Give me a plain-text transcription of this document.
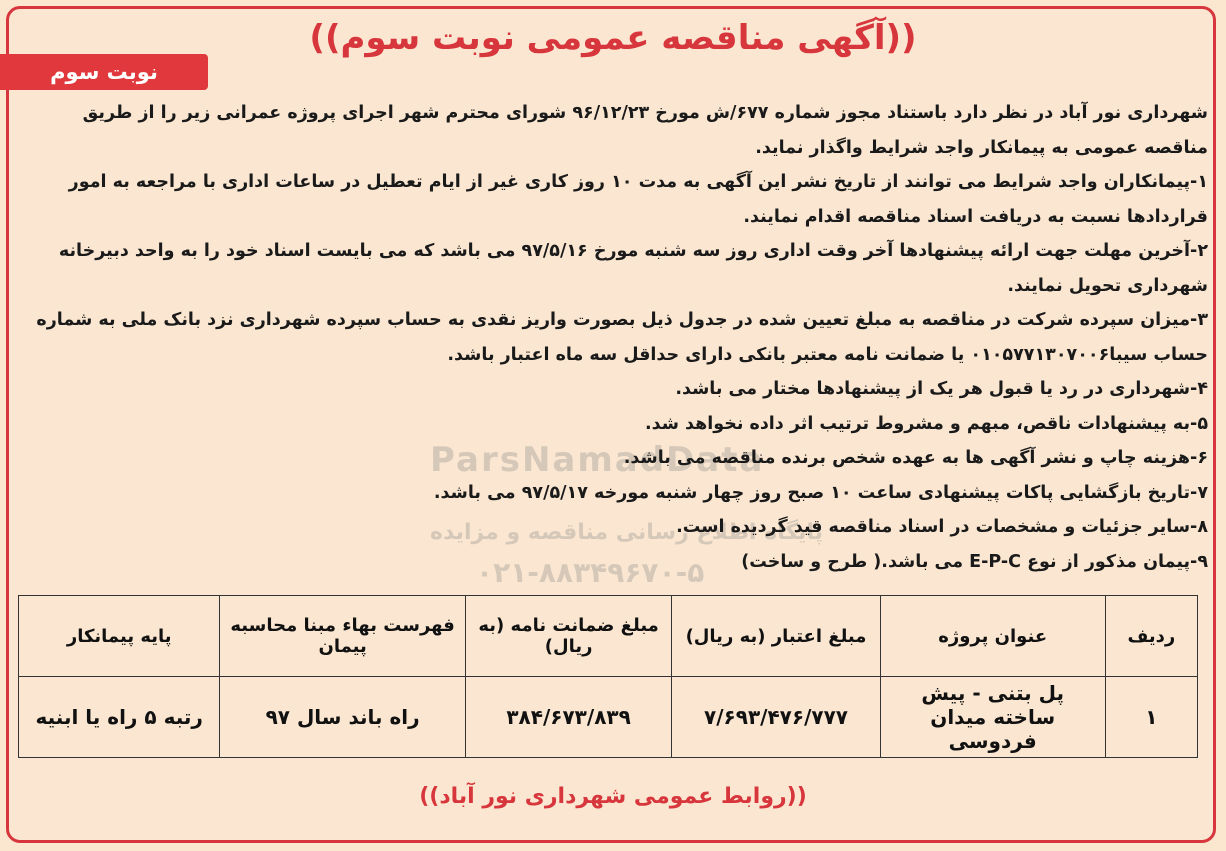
((آگهی مناقصه عمومی نوبت سوم))
نوبت سوم
ParsNamadData
پایگاه اطلاع رسانی مناقصه و مزایده
۰۲۱-۸۸۳۴۹۶۷۰-۵

شهرداری نور آباد در نظر دارد باستناد مجوز شماره ۶۷۷/ش مورخ ۹۶/۱۲/۲۳ شورای محترم شهر اجرای پروژه عمرانی زیر را از طریق مناقصه عمومی به پیمانکار واجد شرایط واگذار نماید.

۱-پیمانکاران واجد شرایط می توانند از تاریخ نشر این آگهی به مدت ۱۰ روز کاری غیر از ایام تعطیل در ساعات اداری با مراجعه به امور قراردادها نسبت به دریافت اسناد مناقصه اقدام نمایند.

۲-آخرین مهلت جهت ارائه پیشنهادها آخر وقت اداری روز سه شنبه مورخ ۹۷/۵/۱۶ می باشد که می بایست اسناد خود را به واحد دبیرخانه شهرداری تحویل نمایند.

۳-میزان سپرده شرکت در مناقصه به مبلغ تعیین شده در جدول ذیل بصورت واریز نقدی به حساب سپرده شهرداری نزد بانک ملی به شماره حساب سیبا۰۱۰۵۷۷۱۳۰۷۰۰۶ یا ضمانت نامه معتبر بانکی دارای حداقل سه ماه اعتبار باشد.

۴-شهرداری در رد یا قبول هر یک از پیشنهادها مختار می باشد.

۵-به پیشنهادات ناقص، مبهم و مشروط ترتیب اثر داده نخواهد شد.

۶-هزینه چاپ و نشر آگهی ها به عهده شخص برنده مناقصه می باشد.

۷-تاریخ بازگشایی پاکات پیشنهادی ساعت ۱۰ صبح روز چهار شنبه مورخه ۹۷/۵/۱۷ می باشد.

۸-سایر جزئیات و مشخصات در اسناد مناقصه قید گردیده است.

۹-پیمان مذکور از نوع E-P-C می باشد.( طرح و ساخت)

ردیف	عنوان پروژه	مبلغ اعتبار (به ریال)	مبلغ ضمانت نامه (به ریال)	فهرست بهاء مبنا محاسبه پیمان	پایه پیمانکار
۱	پل بتنی - پیش ساخته میدان فردوسی	۷/۶۹۳/۴۷۶/۷۷۷	۳۸۴/۶۷۳/۸۳۹	راه باند سال ۹۷	رتبه ۵ راه یا ابنیه
((روابط عمومی شهرداری نور آباد))
